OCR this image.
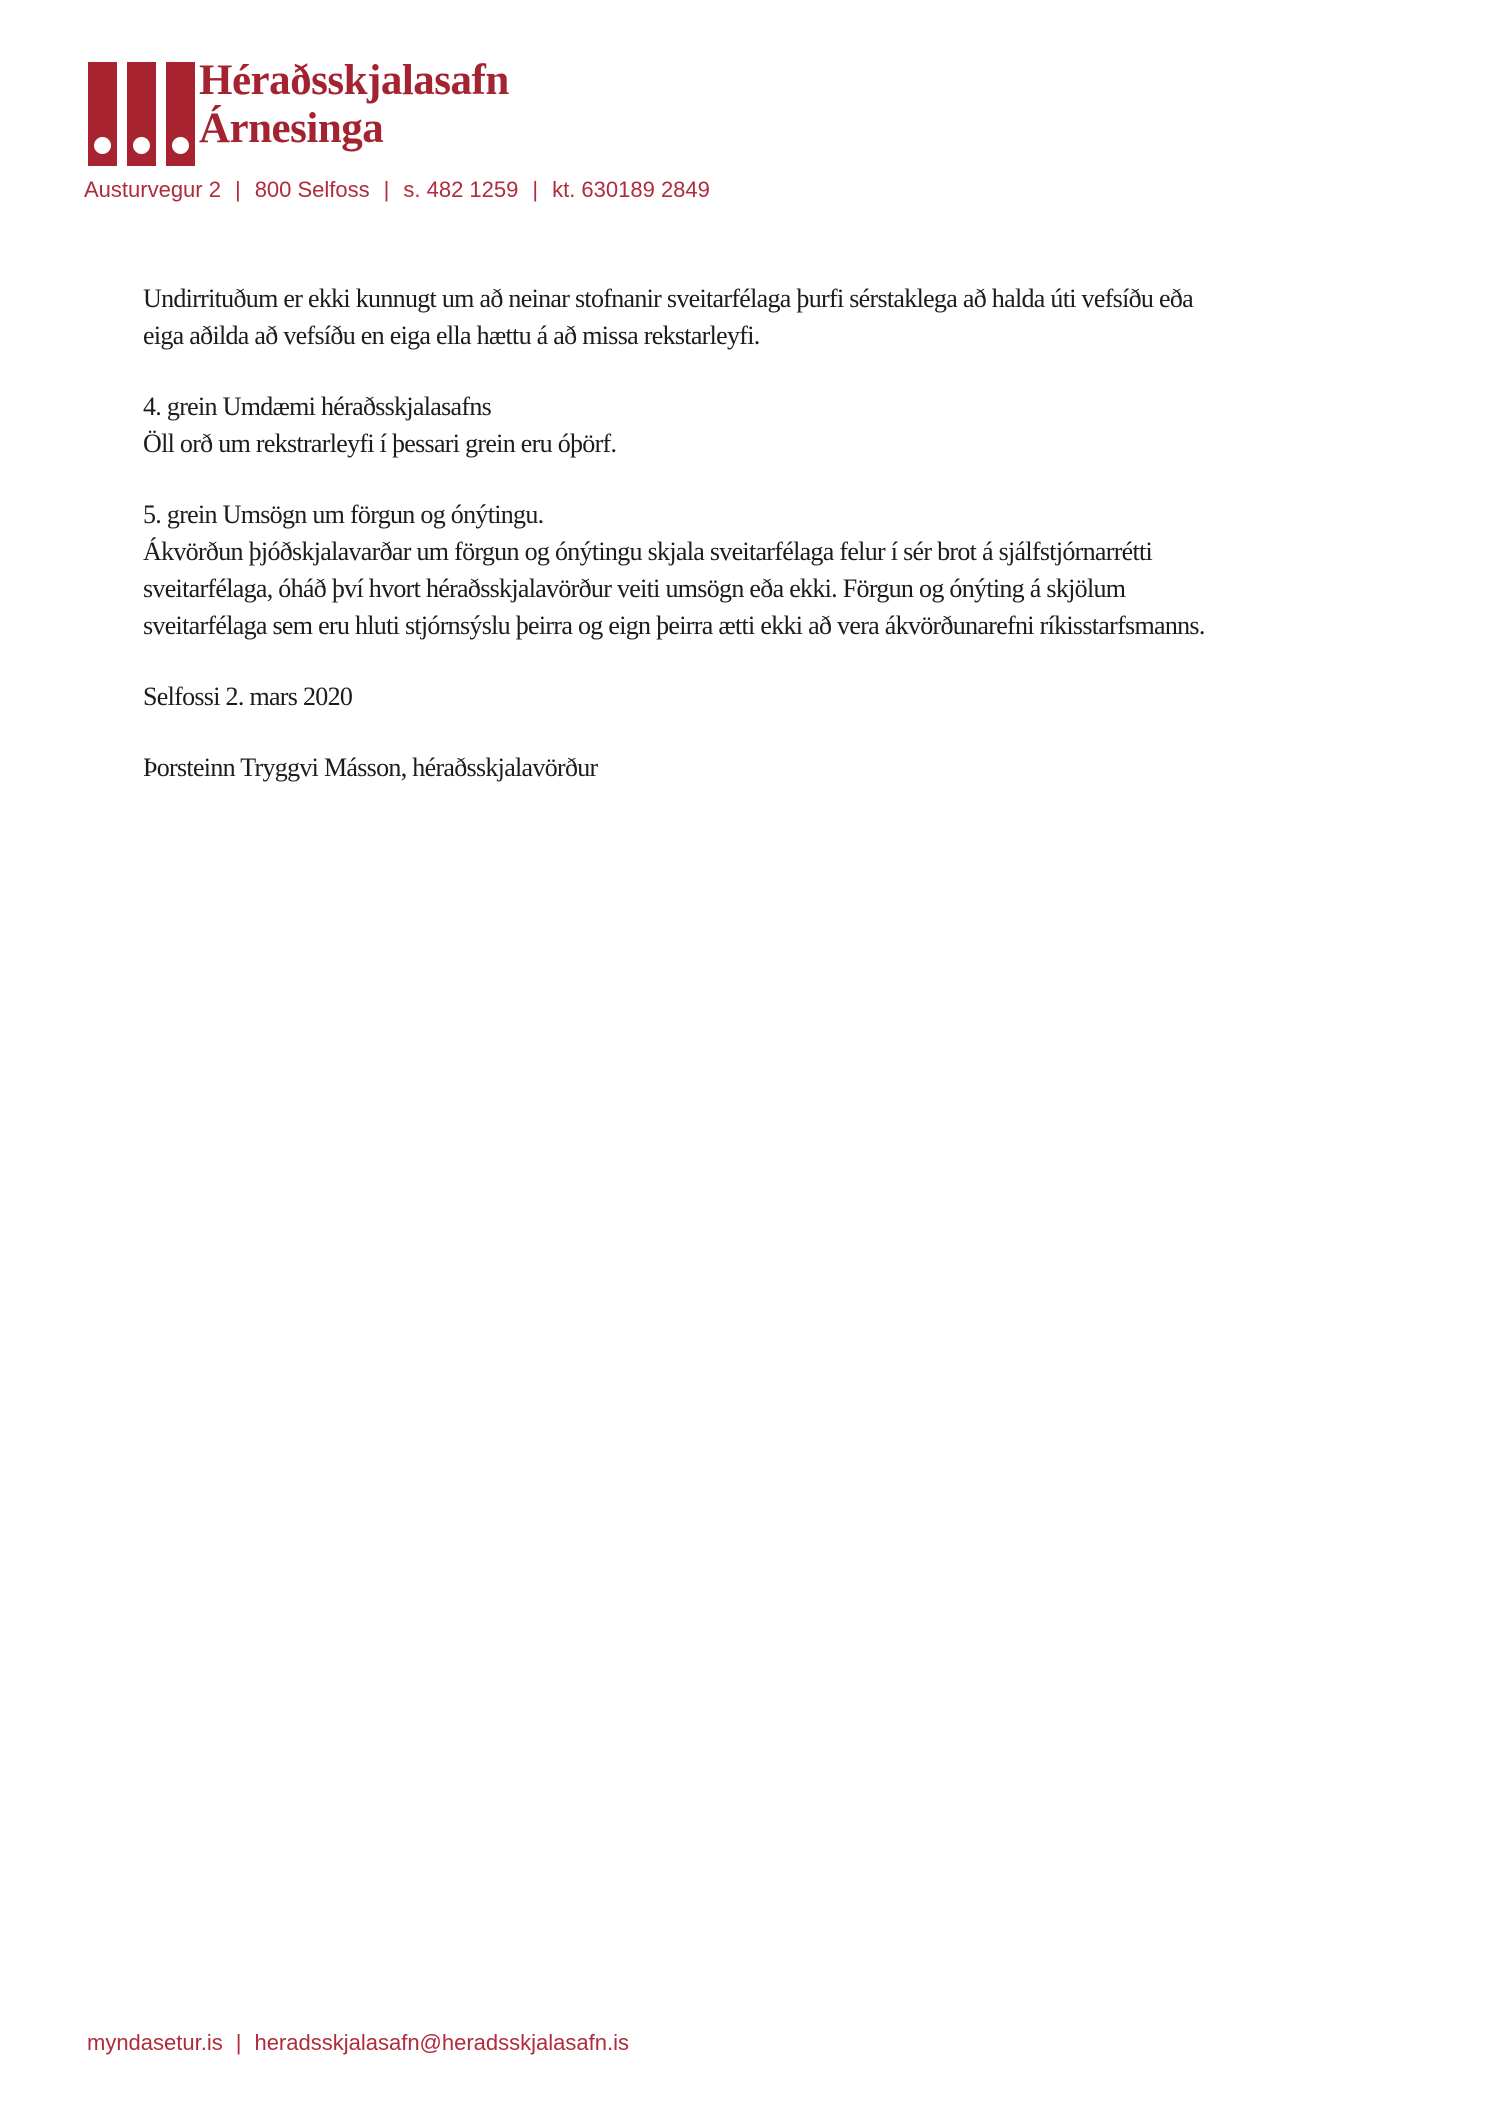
Héraðsskjalasafn
Árnesinga
Austurvegur 2 | 800 Selfoss | s. 482 1259 | kt. 630189 2849

Undirrituðum er ekki kunnugt um að neinar stofnanir sveitarfélaga þurfi sérstaklega að halda úti vefsíðu eða
eiga aðilda að vefsíðu en eiga ella hættu á að missa rekstarleyfi.

4. grein Umdæmi héraðsskjalasafns
Öll orð um rekstrarleyfi í þessari grein eru óþörf.

5. grein Umsögn um förgun og ónýtingu.
Ákvörðun þjóðskjalavarðar um förgun og ónýtingu skjala sveitarfélaga felur í sér brot á sjálfstjórnarrétti
sveitarfélaga, óháð því hvort héraðsskjalavörður veiti umsögn eða ekki. Förgun og ónýting á skjölum
sveitarfélaga sem eru hluti stjórnsýslu þeirra og eign þeirra ætti ekki að vera ákvörðunarefni ríkisstarfsmanns.

Selfossi 2. mars 2020

Þorsteinn Tryggvi Másson, héraðsskjalavörður

myndasetur.is | heradsskjalasafn@heradsskjalasafn.is
